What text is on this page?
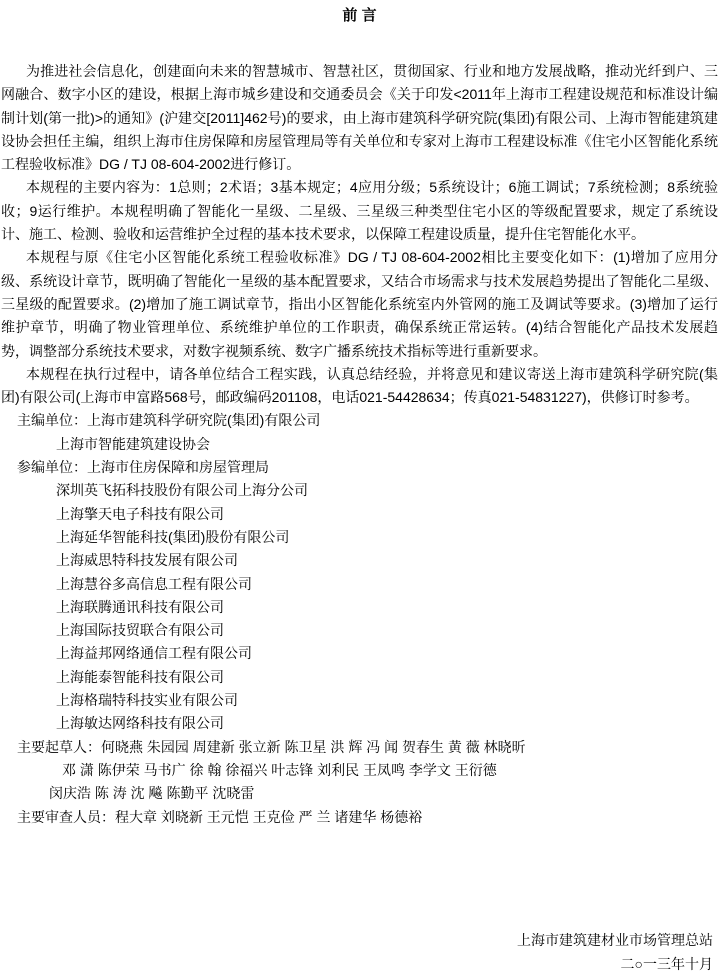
前 言

为推进社会信息化，创建面向未来的智慧城市、智慧社区，贯彻国家、行业和地方发展战略，推动光纤到户、三网融合、数字小区的建设，根据上海市城乡建设和交通委员会《关于印发<2011年上海市工程建设规范和标准设计编制计划(第一批)>的通知》(沪建交[2011]462号)的要求，由上海市建筑科学研究院(集团)有限公司、上海市智能建筑建设协会担任主编，组织上海市住房保障和房屋管理局等有关单位和专家对上海市工程建设标准《住宅小区智能化系统工程验收标准》DG / TJ 08-604-2002进行修订。

本规程的主要内容为：1总则；2术语；3基本规定；4应用分级；5系统设计；6施工调试；7系统检测；8系统验收；9运行维护。本规程明确了智能化一星级、二星级、三星级三种类型住宅小区的等级配置要求，规定了系统设计、施工、检测、验收和运营维护全过程的基本技术要求，以保障工程建设质量，提升住宅智能化水平。

本规程与原《住宅小区智能化系统工程验收标准》DG / TJ 08-604-2002相比主要变化如下：(1)增加了应用分级、系统设计章节，既明确了智能化一星级的基本配置要求，又结合市场需求与技术发展趋势提出了智能化二星级、三星级的配置要求。(2)增加了施工调试章节，指出小区智能化系统室内外管网的施工及调试等要求。(3)增加了运行维护章节，明确了物业管理单位、系统维护单位的工作职责，确保系统正常运转。(4)结合智能化产品技术发展趋势，调整部分系统技术要求，对数字视频系统、数字广播系统技术指标等进行重新要求。

本规程在执行过程中，请各单位结合工程实践，认真总结经验，并将意见和建议寄送上海市建筑科学研究院(集团)有限公司(上海市申富路568号，邮政编码201108，电话021-54428634；传真021-54831227)，供修订时参考。

主编单位：上海市建筑科学研究院(集团)有限公司
上海市智能建筑建设协会
参编单位：上海市住房保障和房屋管理局
深圳英飞拓科技股份有限公司上海分公司
上海擎天电子科技有限公司
上海延华智能科技(集团)股份有限公司
上海威思特科技发展有限公司
上海慧谷多高信息工程有限公司
上海联腾通讯科技有限公司
上海国际技贸联合有限公司
上海益邦网络通信工程有限公司
上海能泰智能科技有限公司
上海格瑞特科技实业有限公司
上海敏达网络科技有限公司
主要起草人：何晓燕 朱园园 周建新 张立新 陈卫星 洪 辉 冯 闻 贺春生 黄 薇 林晓昕
邓 潇 陈伊荣 马书广 徐 翰 徐福兴 叶志锋 刘利民 王凤鸣 李学文 王衍德
闵庆浩 陈 涛 沈 飚 陈勤平 沈晓雷
主要审查人员：程大章 刘晓新 王元恺 王克俭 严 兰 诸建华 杨德裕
上海市建筑建材业市场管理总站
二○一三年十月
